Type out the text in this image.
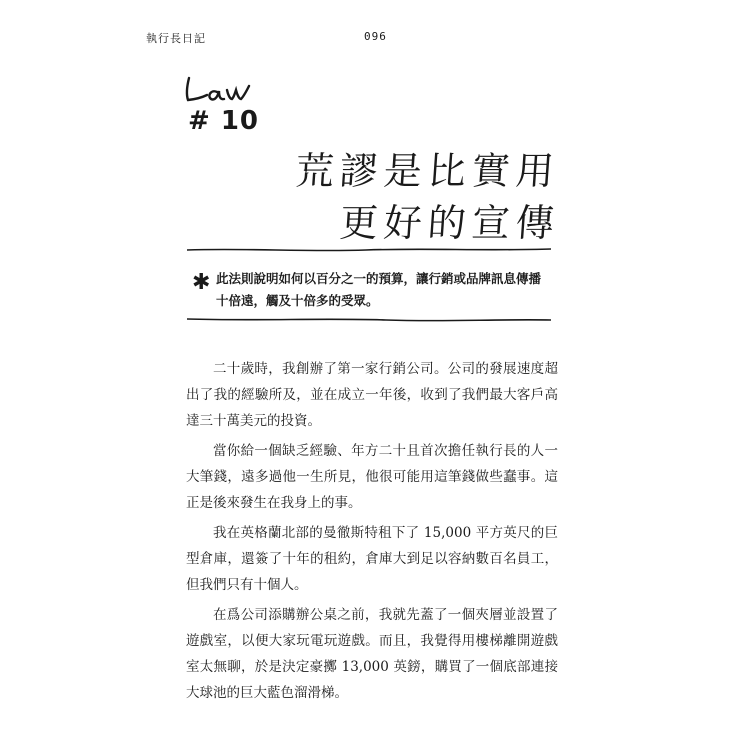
執行長日記	096
# 10
荒謬是比實用
更好的宣傳
✱ 此法則說明如何以百分之一的預算，讓行銷或品牌訊息傳播十倍遠，觸及十倍多的受眾。

二十歲時，我創辦了第一家行銷公司。公司的發展速度超出了我的經驗所及，並在成立一年後，收到了我們最大客戶高達三十萬美元的投資。

當你給一個缺乏經驗、年方二十且首次擔任執行長的人一大筆錢，遠多過他一生所見，他很可能用這筆錢做些蠢事。這正是後來發生在我身上的事。

我在英格蘭北部的曼徹斯特租下了 15,000 平方英尺的巨型倉庫，還簽了十年的租約，倉庫大到足以容納數百名員工，但我們只有十個人。

在爲公司添購辦公桌之前，我就先蓋了一個夾層並設置了遊戲室，以便大家玩電玩遊戲。而且，我覺得用樓梯離開遊戲室太無聊，於是決定豪擲 13,000 英鎊，購買了一個底部連接大球池的巨大藍色溜滑梯。
